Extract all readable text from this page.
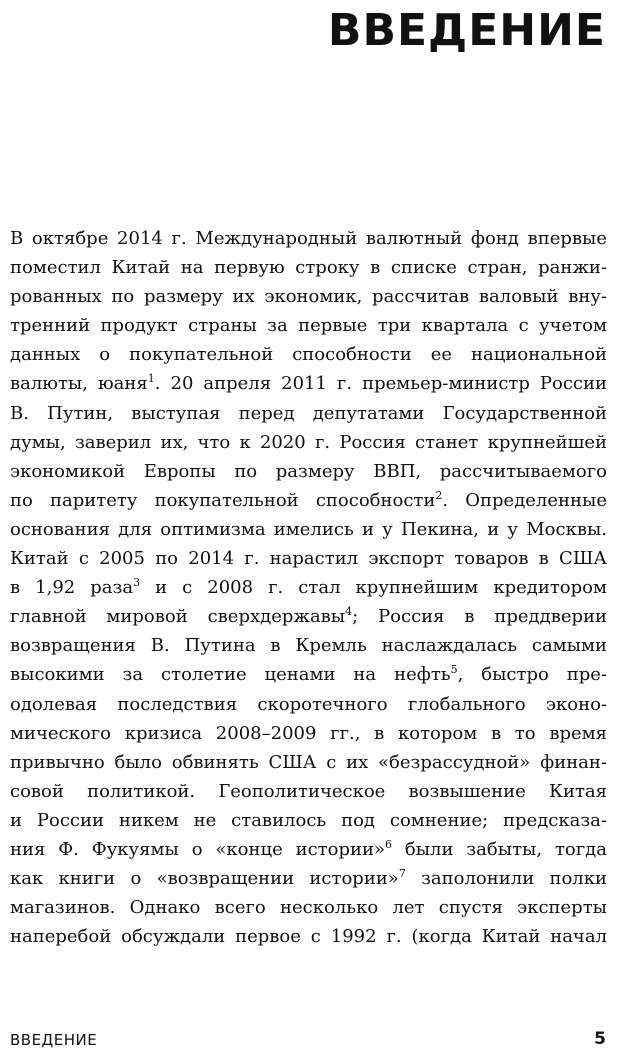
ВВЕДЕНИЕ
В октябре 2014 г. Международный валютный фонд впервые
поместил Китай на первую строку в списке стран, ранжи-
рованных по размеру их экономик, рассчитав валовый вну-
тренний продукт страны за первые три квартала с учетом
данных о покупательной способности ее национальной
валюты, юаня$^1$. 20 апреля 2011 г. премьер-министр России
В. Путин, выступая перед депутатами Государственной
думы, заверил их, что к 2020 г. Россия станет крупнейшей
экономикой Европы по размеру ВВП, рассчитываемого
по паритету покупательной способности$^2$. Определенные
основания для оптимизма имелись и у Пекина, и у Москвы.
Китай с 2005 по 2014 г. нарастил экспорт товаров в США
в 1,92 раза$^3$ и с 2008 г. стал крупнейшим кредитором
главной мировой сверхдержавы$^4$; Россия в преддверии
возвращения В. Путина в Кремль наслаждалась самыми
высокими за столетие ценами на нефть$^5$, быстро пре-
одолевая последствия скоротечного глобального эконо-
мического кризиса 2008–2009 гг., в котором в то время
привычно было обвинять США с их «безрассудной» финан-
совой политикой. Геополитическое возвышение Китая
и России никем не ставилось под сомнение; предсказа-
ния Ф. Фукуямы о «конце истории»$^6$ были забыты, тогда
как книги о «возвращении истории»$^7$ заполонили полки
магазинов. Однако всего несколько лет спустя эксперты
наперебой обсуждали первое с 1992 г. (когда Китай начал
ВВЕДЕНИЕ	5
